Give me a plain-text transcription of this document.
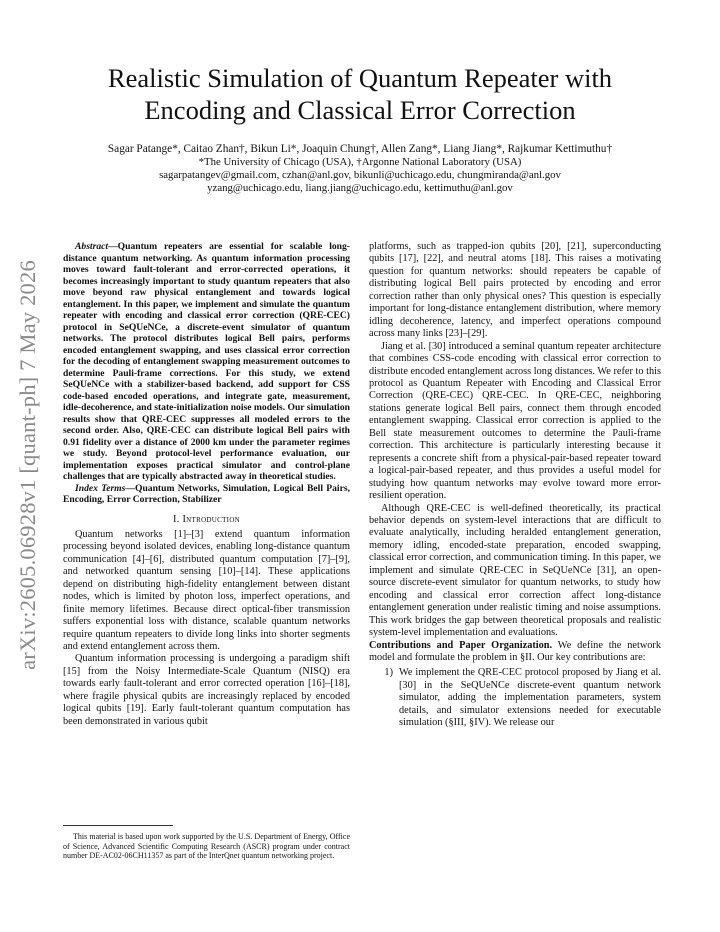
arXiv:2605.06928v1 [quant-ph] 7 May 2026
Realistic Simulation of Quantum Repeater with
Encoding and Classical Error Correction
Sagar Patange*, Caitao Zhan†, Bikun Li*, Joaquin Chung†, Allen Zang*, Liang Jiang*, Rajkumar Kettimuthu†
*The University of Chicago (USA), †Argonne National Laboratory (USA)
sagarpatangev@gmail.com, czhan@anl.gov, bikunli@uchicago.edu, chungmiranda@anl.gov
yzang@uchicago.edu, liang.jiang@uchicago.edu, kettimuthu@anl.gov

Abstract—Quantum repeaters are essential for scalable long-distance quantum networking. As quantum information processing moves toward fault-tolerant and error-corrected operations, it becomes increasingly important to study quantum repeaters that also move beyond raw physical entanglement and towards logical entanglement. In this paper, we implement and simulate the quantum repeater with encoding and classical error correction (QRE-CEC) protocol in SeQUeNCe, a discrete-event simulator of quantum networks. The protocol distributes logical Bell pairs, performs encoded entanglement swapping, and uses classical error correction for the decoding of entanglement swapping measurement outcomes to determine Pauli-frame corrections. For this study, we extend SeQUeNCe with a stabilizer-based backend, add support for CSS code-based encoded operations, and integrate gate, measurement, idle-decoherence, and state-initialization noise models. Our simulation results show that QRE-CEC suppresses all modeled errors to the second order. Also, QRE-CEC can distribute logical Bell pairs with 0.91 fidelity over a distance of 2000 km under the parameter regimes we study. Beyond protocol-level performance evaluation, our implementation exposes practical simulator and control-plane challenges that are typically abstracted away in theoretical studies.

Index Terms—Quantum Networks, Simulation, Logical Bell Pairs, Encoding, Error Correction, Stabilizer

I. Introduction

Quantum networks [1]–[3] extend quantum information processing beyond isolated devices, enabling long-distance quantum communication [4]–[6], distributed quantum computation [7]–[9], and networked quantum sensing [10]–[14]. These applications depend on distributing high-fidelity entanglement between distant nodes, which is limited by photon loss, imperfect operations, and finite memory lifetimes. Because direct optical-fiber transmission suffers exponential loss with distance, scalable quantum networks require quantum repeaters to divide long links into shorter segments and extend entanglement across them.

Quantum information processing is undergoing a paradigm shift [15] from the Noisy Intermediate-Scale Quantum (NISQ) era towards early fault-tolerant and error corrected operation [16]–[18], where fragile physical qubits are increasingly replaced by encoded logical qubits [19]. Early fault-tolerant quantum computation has been demonstrated in various qubit

This material is based upon work supported by the U.S. Department of Energy, Office of Science, Advanced Scientific Computing Research (ASCR) program under contract number DE-AC02-06CH11357 as part of the InterQnet quantum networking project.

platforms, such as trapped-ion qubits [20], [21], superconducting qubits [17], [22], and neutral atoms [18]. This raises a motivating question for quantum networks: should repeaters be capable of distributing logical Bell pairs protected by encoding and error correction rather than only physical ones? This question is especially important for long-distance entanglement distribution, where memory idling decoherence, latency, and imperfect operations compound across many links [23]–[29].

Jiang et al. [30] introduced a seminal quantum repeater architecture that combines CSS-code encoding with classical error correction to distribute encoded entanglement across long distances. We refer to this protocol as Quantum Repeater with Encoding and Classical Error Correction (QRE-CEC) QRE-CEC. In QRE-CEC, neighboring stations generate logical Bell pairs, connect them through encoded entanglement swapping. Classical error correction is applied to the Bell state measurement outcomes to determine the Pauli-frame correction. This architecture is particularly interesting because it represents a concrete shift from a physical-pair-based repeater toward a logical-pair-based repeater, and thus provides a useful model for studying how quantum networks may evolve toward more error-resilient operation.

Although QRE-CEC is well-defined theoretically, its practical behavior depends on system-level interactions that are difficult to evaluate analytically, including heralded entanglement generation, memory idling, encoded-state preparation, encoded swapping, classical error correction, and communication timing. In this paper, we implement and simulate QRE-CEC in SeQUeNCe [31], an open-source discrete-event simulator for quantum networks, to study how encoding and classical error correction affect long-distance entanglement generation under realistic timing and noise assumptions. This work bridges the gap between theoretical proposals and realistic system-level implementation and evaluations.

Contributions and Paper Organization. We define the network model and formulate the problem in §II. Our key contributions are:

1) We implement the QRE-CEC protocol proposed by Jiang et al. [30] in the SeQUeNCe discrete-event quantum network simulator, adding the implementation parameters, system details, and simulator extensions needed for executable simulation (§III, §IV). We release our
